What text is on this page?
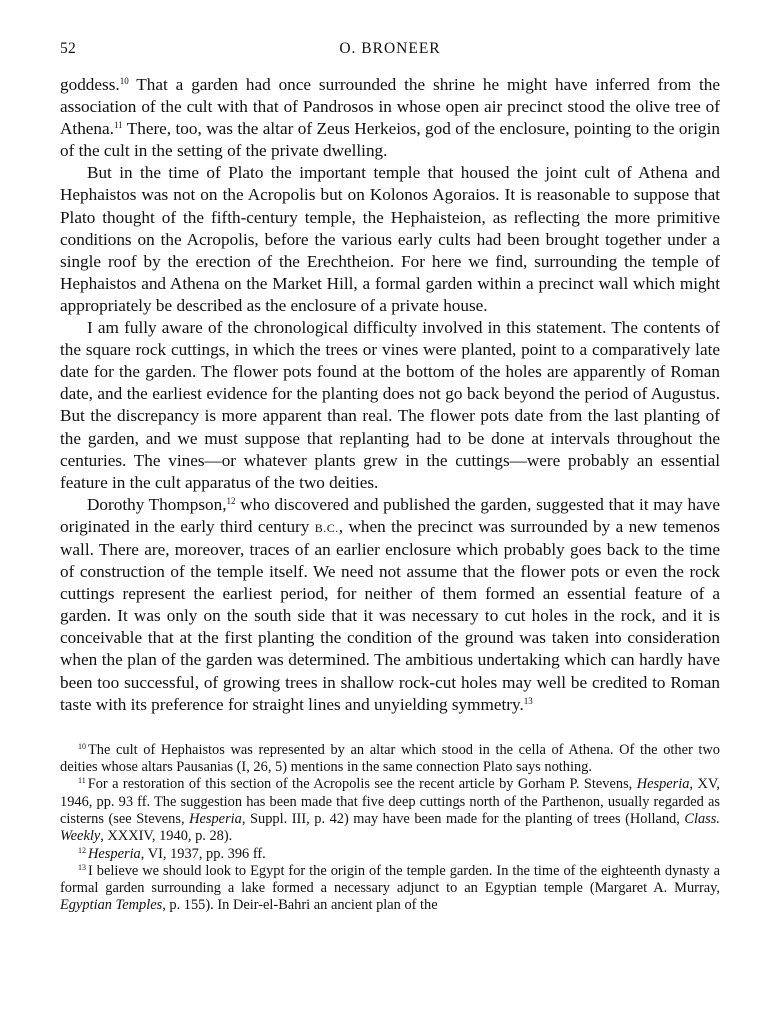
52	O. BRONEER

goddess.$^{10}$ That a garden had once surrounded the shrine he might have inferred from the association of the cult with that of Pandrosos in whose open air precinct stood the olive tree of Athena.$^{11}$ There, too, was the altar of Zeus Herkeios, god of the enclosure, pointing to the origin of the cult in the setting of the private dwelling.

But in the time of Plato the important temple that housed the joint cult of Athena and Hephaistos was not on the Acropolis but on Kolonos Agoraios. It is reasonable to suppose that Plato thought of the fifth-century temple, the Hephaisteion, as reflecting the more primitive conditions on the Acropolis, before the various early cults had been brought together under a single roof by the erection of the Erechtheion. For here we find, surrounding the temple of Hephaistos and Athena on the Market Hill, a formal garden within a precinct wall which might appropriately be described as the enclosure of a private house.

I am fully aware of the chronological difficulty involved in this statement. The contents of the square rock cuttings, in which the trees or vines were planted, point to a comparatively late date for the garden. The flower pots found at the bottom of the holes are apparently of Roman date, and the earliest evidence for the planting does not go back beyond the period of Augustus. But the discrepancy is more apparent than real. The flower pots date from the last planting of the garden, and we must suppose that replanting had to be done at intervals throughout the centuries. The vines—or whatever plants grew in the cuttings—were probably an essential feature in the cult apparatus of the two deities.

Dorothy Thompson,$^{12}$ who discovered and published the garden, suggested that it may have originated in the early third century B.C., when the precinct was surrounded by a new temenos wall. There are, moreover, traces of an earlier enclosure which probably goes back to the time of construction of the temple itself. We need not assume that the flower pots or even the rock cuttings represent the earliest period, for neither of them formed an essential feature of a garden. It was only on the south side that it was necessary to cut holes in the rock, and it is conceivable that at the first planting the condition of the ground was taken into consideration when the plan of the garden was determined. The ambitious undertaking which can hardly have been too successful, of growing trees in shallow rock-cut holes may well be credited to Roman taste with its preference for straight lines and unyielding symmetry.$^{13}$

$^{10}$ The cult of Hephaistos was represented by an altar which stood in the cella of Athena. Of the other two deities whose altars Pausanias (I, 26, 5) mentions in the same connection Plato says nothing.

$^{11}$ For a restoration of this section of the Acropolis see the recent article by Gorham P. Stevens, Hesperia, XV, 1946, pp. 93 ff. The suggestion has been made that five deep cuttings north of the Parthenon, usually regarded as cisterns (see Stevens, Hesperia, Suppl. III, p. 42) may have been made for the planting of trees (Holland, Class. Weekly, XXXIV, 1940, p. 28).

$^{12}$ Hesperia, VI, 1937, pp. 396 ff.

$^{13}$ I believe we should look to Egypt for the origin of the temple garden. In the time of the eighteenth dynasty a formal garden surrounding a lake formed a necessary adjunct to an Egyptian temple (Margaret A. Murray, Egyptian Temples, p. 155). In Deir-el-Bahri an ancient plan of the
